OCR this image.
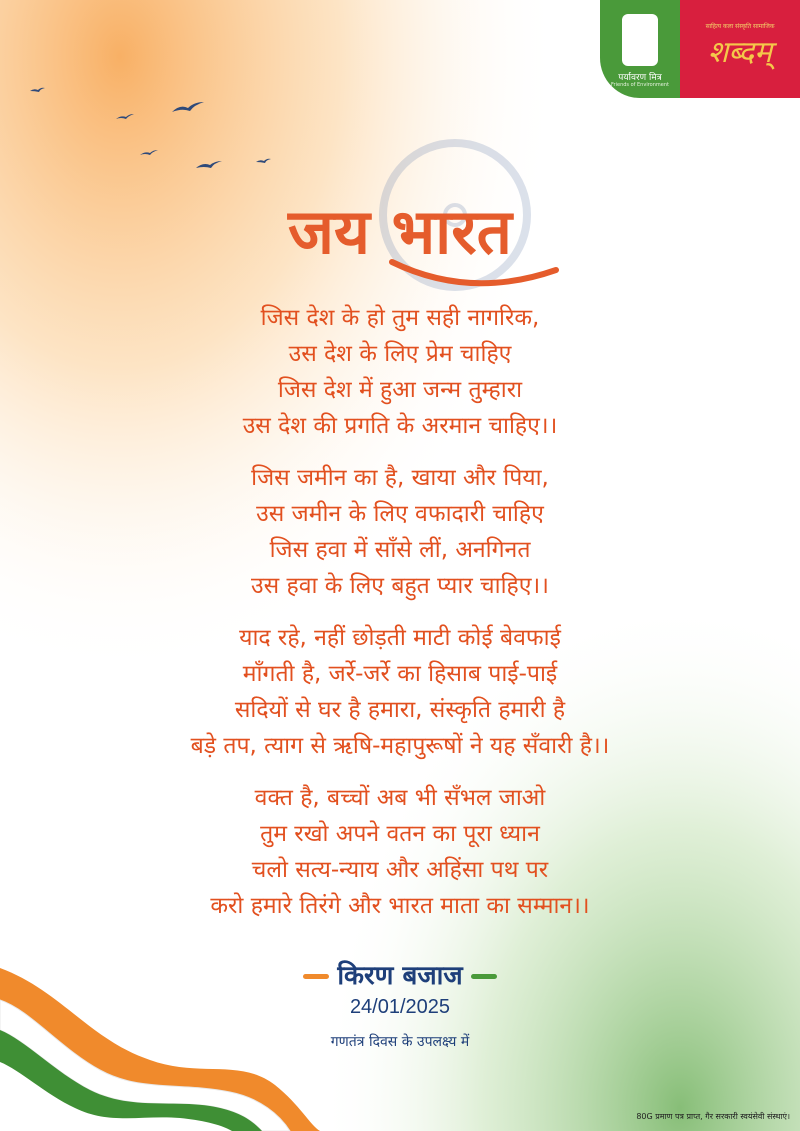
पर्यावरण मित्र
Friends of Environment
साहित्य कला संस्कृति सामाजिक
शब्दम्
जय भारत
जिस देश के हो तुम सही नागरिक,
उस देश के लिए प्रेम चाहिए
जिस देश में हुआ जन्म तुम्हारा
उस देश की प्रगति के अरमान चाहिए।।
जिस जमीन का है, खाया और पिया,
उस जमीन के लिए वफादारी चाहिए
जिस हवा में साँसे लीं, अनगिनत
उस हवा के लिए बहुत प्यार चाहिए।।
याद रहे, नहीं छोड़ती माटी कोई बेवफाई
माँगती है, जर्रे-जर्रे का हिसाब पाई-पाई
सदियों से घर है हमारा, संस्कृति हमारी है
बड़े तप, त्याग से ऋषि-महापुरूषों ने यह सँवारी है।।
वक्त है, बच्चों अब भी सँभल जाओ
तुम रखो अपने वतन का पूरा ध्यान
चलो सत्य-न्याय और अहिंसा पथ पर
करो हमारे तिरंगे और भारत माता का सम्मान।।
किरण बजाज
24/01/2025
गणतंत्र दिवस के उपलक्ष्य में
80G प्रमाण पत्र प्राप्त, गैर सरकारी स्वयंसेवी संस्थाएं।
